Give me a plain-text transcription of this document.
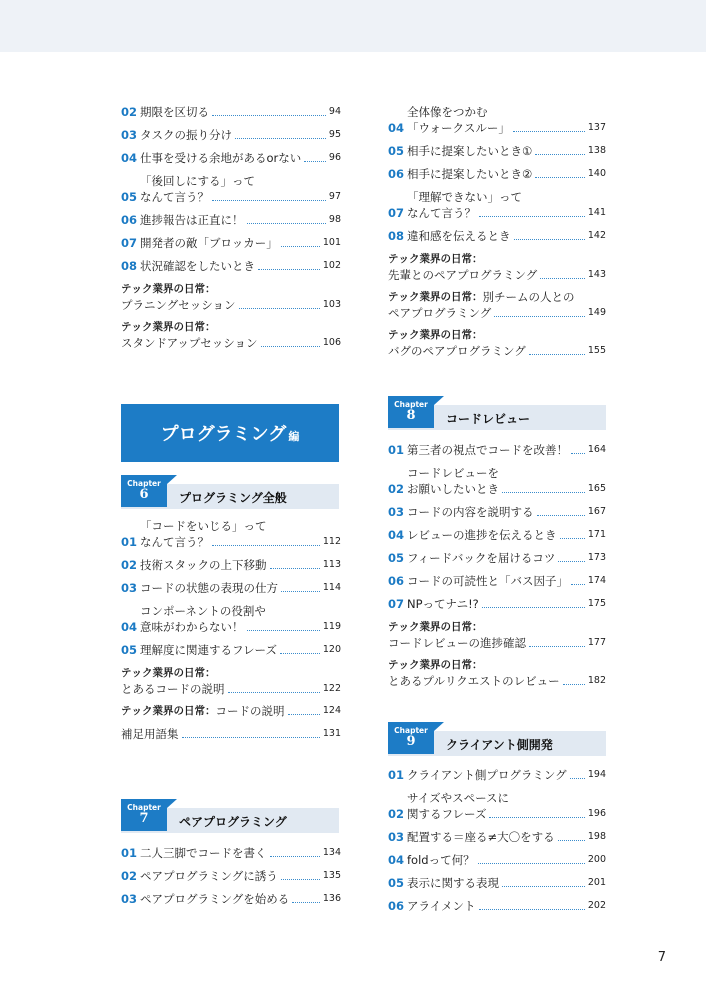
02 期限を区切る	94
03 タスクの振り分け	95
04 仕事を受ける余地があるorない	96
05
「後回しにする」って
なんて言う？	97
06 進捗報告は正直に！	98
07 開発者の敵「ブロッカー」	101
08 状況確認をしたいとき	102
テック業界の日常：
プラニングセッション	103
テック業界の日常：
スタンドアップセッション	106
プログラミング 編
Chapter
6	プログラミング全般
01
「コードをいじる」って
なんて言う？	112
02 技術スタックの上下移動	113
03 コードの状態の表現の仕方	114
04
コンポーネントの役割や
意味がわからない！	119
05 理解度に関連するフレーズ	120
テック業界の日常：
とあるコードの説明	122
テック業界の日常： コードの説明	124
補足用語集	131
Chapter
7	ペアプログラミング
01 二人三脚でコードを書く	134
02 ペアプログラミングに誘う	135
03 ペアプログラミングを始める	136
04
全体像をつかむ
「ウォークスルー」	137
05 相手に提案したいとき①	138
06 相手に提案したいとき②	140
07
「理解できない」って
なんて言う？	141
08 違和感を伝えるとき	142
テック業界の日常：
先輩とのペアプログラミング	143
テック業界の日常： 別チームの人との
ペアプログラミング	149
テック業界の日常：
バグのペアプログラミング	155
Chapter
8	コードレビュー
01 第三者の視点でコードを改善！ 164
02
コードレビューを
お願いしたいとき	165
03 コードの内容を説明する	167
04 レビューの進捗を伝えるとき	171
05 フィードバックを届けるコツ	173
06 コードの可読性と「バス因子」 174
07 NPってナニ!?	175
テック業界の日常：
コードレビューの進捗確認	177
テック業界の日常：
とあるプルリクエストのレビュー	182
Chapter
9	クライアント側開発
01 クライアント側プログラミング 194
02
サイズやスペースに
関するフレーズ	196
03 配置する＝座る≠大〇をする	198
04 foldって何？	200
05 表示に関する表現	201
06 アライメント	202
7
